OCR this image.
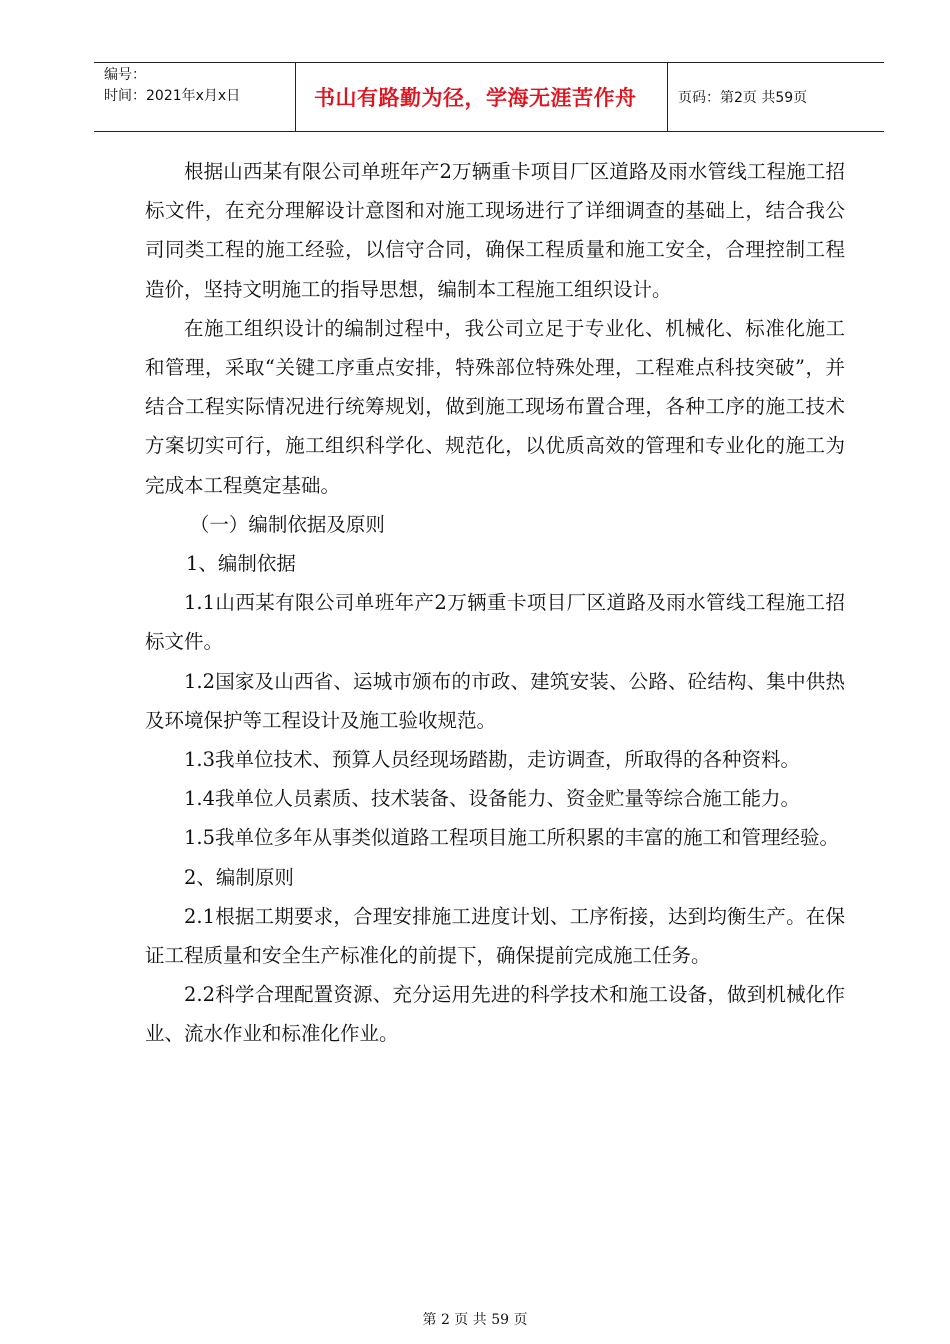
编号：
时间：2021年x月x日	书山有路勤为径，学海无涯苦作舟	页码：第2页 共59页

根据山西某有限公司单班年产2万辆重卡项目厂区道路及雨水管线工程施工招标文件，在充分理解设计意图和对施工现场进行了详细调查的基础上，结合我公司同类工程的施工经验，以信守合同，确保工程质量和施工安全，合理控制工程造价，坚持文明施工的指导思想，编制本工程施工组织设计。

在施工组织设计的编制过程中，我公司立足于专业化、机械化、标准化施工和管理，采取“关键工序重点安排，特殊部位特殊处理，工程难点科技突破”，并结合工程实际情况进行统筹规划，做到施工现场布置合理，各种工序的施工技术方案切实可行，施工组织科学化、规范化，以优质高效的管理和专业化的施工为完成本工程奠定基础。

（一）编制依据及原则

1、编制依据

1.1山西某有限公司单班年产2万辆重卡项目厂区道路及雨水管线工程施工招标文件。

1.2国家及山西省、运城市颁布的市政、建筑安装、公路、砼结构、集中供热及环境保护等工程设计及施工验收规范。

1.3我单位技术、预算人员经现场踏勘，走访调查，所取得的各种资料。

1.4我单位人员素质、技术装备、设备能力、资金贮量等综合施工能力。

1.5我单位多年从事类似道路工程项目施工所积累的丰富的施工和管理经验。

2、编制原则

2.1根据工期要求，合理安排施工进度计划、工序衔接，达到均衡生产。在保证工程质量和安全生产标准化的前提下，确保提前完成施工任务。

2.2科学合理配置资源、充分运用先进的科学技术和施工设备，做到机械化作业、流水作业和标准化作业。

第 2 页 共 59 页
